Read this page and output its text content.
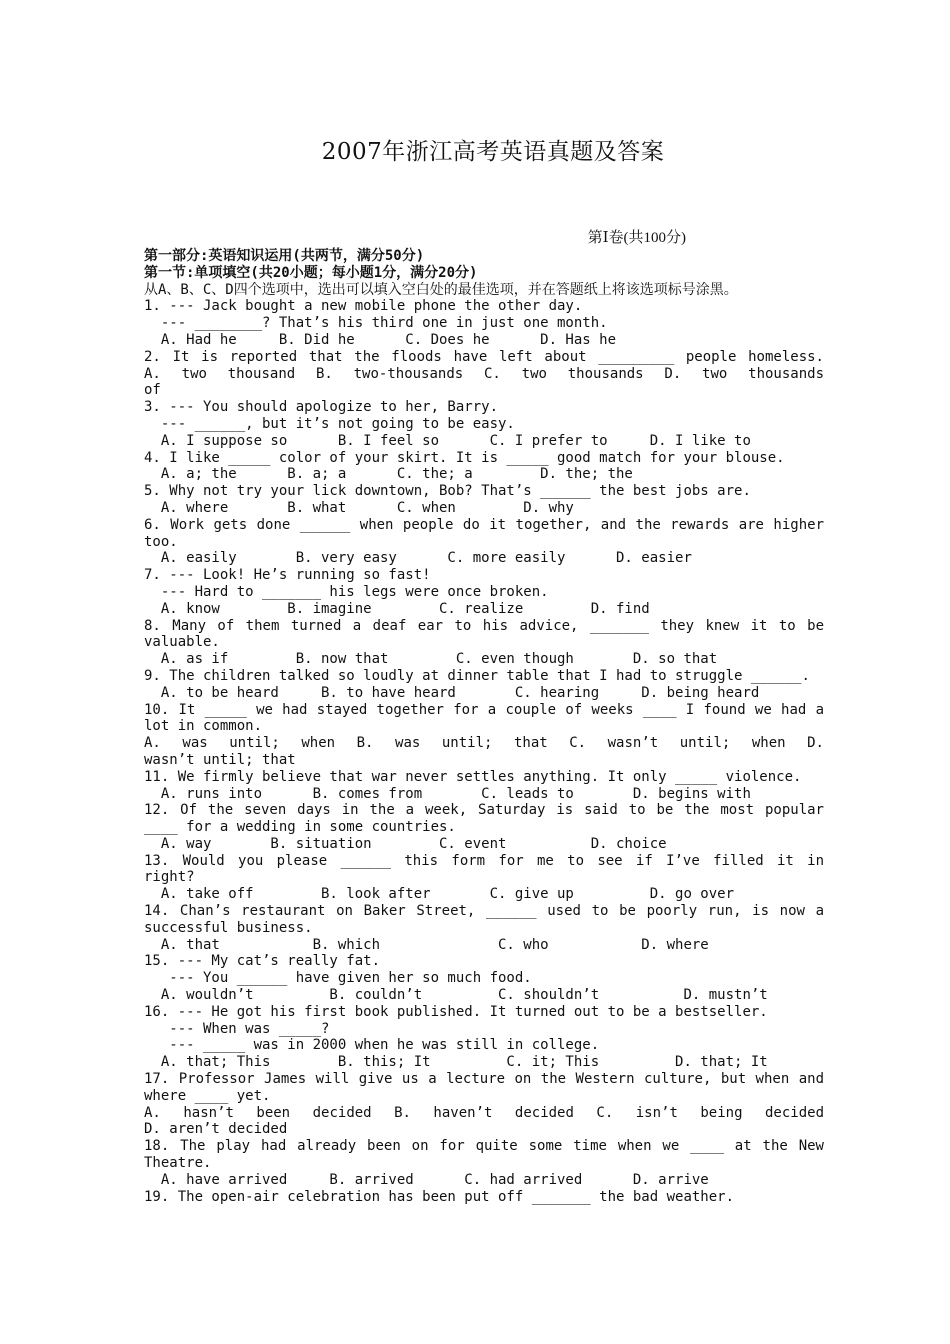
2007年浙江高考英语真题及答案
第Ⅰ卷(共100分)
第一部分:英语知识运用(共两节，满分50分)
第一节:单项填空(共20小题；每小题1分，满分20分)
从A、B、C、D四个选项中，选出可以填入空白处的最佳选项，并在答题纸上将该选项标号涂黑。
1. --- Jack bought a new mobile phone the other day.
--- ________? That’s his third one in just one month.
A. Had he     B. Did he      C. Does he      D. Has he
2. It is reported that the floods have left about _________ people homeless.
A. two thousand B. two-thousands C. two thousands D. two thousands
of
3. --- You should apologize to her, Barry.
--- ______, but it’s not going to be easy.
A. I suppose so      B. I feel so      C. I prefer to     D. I like to
4. I like _____ color of your skirt. It is _____ good match for your blouse.
A. a; the      B. a; a      C. the; a        D. the; the
5. Why not try your lick downtown, Bob? That’s ______ the best jobs are.
A. where       B. what      C. when        D. why
6. Work gets done ______ when people do it together, and the rewards are higher
too.
A. easily       B. very easy      C. more easily      D. easier
7. --- Look! He’s running so fast!
--- Hard to _______ his legs were once broken.
A. know        B. imagine        C. realize        D. find
8. Many of them turned a deaf ear to his advice, _______ they knew it to be
valuable.
A. as if        B. now that        C. even though       D. so that
9. The children talked so loudly at dinner table that I had to struggle ______.
A. to be heard     B. to have heard       C. hearing     D. being heard
10. It _____ we had stayed together for a couple of weeks ____ I found we had a
lot in common.
A. was until; when B. was until; that C. wasn’t until; when D.
wasn’t until; that
11. We firmly believe that war never settles anything. It only _____ violence.
A. runs into      B. comes from       C. leads to       D. begins with
12. Of the seven days in the a week, Saturday is said to be the most popular
____ for a wedding in some countries.
A. way       B. situation        C. event          D. choice
13. Would you please ______ this form for me to see if I’ve filled it in
right?
A. take off        B. look after       C. give up         D. go over
14. Chan’s restaurant on Baker Street, ______ used to be poorly run, is now a
successful business.
A. that           B. which              C. who           D. where
15. --- My cat’s really fat.
--- You ______ have given her so much food.
A. wouldn’t         B. couldn’t         C. shouldn’t          D. mustn’t
16. --- He got his first book published. It turned out to be a bestseller.
--- When was _____?
--- _____ was in 2000 when he was still in college.
A. that; This        B. this; It         C. it; This         D. that; It
17. Professor James will give us a lecture on the Western culture, but when and
where ____ yet.
A. hasn’t been decided B. haven’t decided C. isn’t being decided
D. aren’t decided
18. The play had already been on for quite some time when we ____ at the New
Theatre.
A. have arrived     B. arrived      C. had arrived      D. arrive
19. The open-air celebration has been put off _______ the bad weather.
